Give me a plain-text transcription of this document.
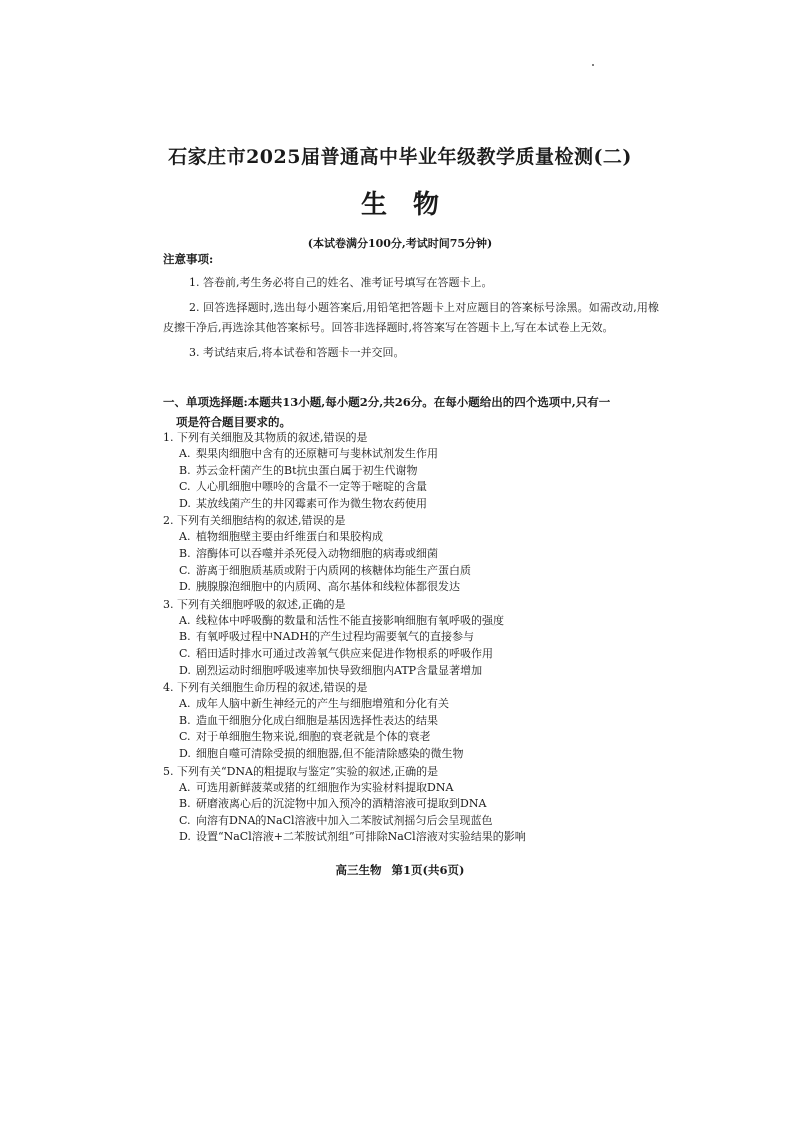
石家庄市2025届普通高中毕业年级教学质量检测(二)
生物
(本试卷满分100分,考试时间75分钟)
注意事项:

1. 答卷前,考生务必将自己的姓名、准考证号填写在答题卡上。

2. 回答选择题时,选出每小题答案后,用铅笔把答题卡上对应题目的答案标号涂黑。如需改动,用橡皮擦干净后,再选涂其他答案标号。回答非选择题时,将答案写在答题卡上,写在本试卷上无效。

3. 考试结束后,将本试卷和答题卡一并交回。

一、单项选择题:本题共13小题,每小题2分,共26分。在每小题给出的四个选项中,只有一
项是符合题目要求的。
1. 下列有关细胞及其物质的叙述,错误的是
A. 梨果肉细胞中含有的还原糖可与斐林试剂发生作用
B. 苏云金杆菌产生的Bt抗虫蛋白属于初生代谢物
C. 人心肌细胞中嘌呤的含量不一定等于嘧啶的含量
D. 某放线菌产生的井冈霉素可作为微生物农药使用
2. 下列有关细胞结构的叙述,错误的是
A. 植物细胞壁主要由纤维蛋白和果胶构成
B. 溶酶体可以吞噬并杀死侵入动物细胞的病毒或细菌
C. 游离于细胞质基质或附于内质网的核糖体均能生产蛋白质
D. 胰腺腺泡细胞中的内质网、高尔基体和线粒体都很发达
3. 下列有关细胞呼吸的叙述,正确的是
A. 线粒体中呼吸酶的数量和活性不能直接影响细胞有氧呼吸的强度
B. 有氧呼吸过程中NADH的产生过程均需要氧气的直接参与
C. 稻田适时排水可通过改善氧气供应来促进作物根系的呼吸作用
D. 剧烈运动时细胞呼吸速率加快导致细胞内ATP含量显著增加
4. 下列有关细胞生命历程的叙述,错误的是
A. 成年人脑中新生神经元的产生与细胞增殖和分化有关
B. 造血干细胞分化成白细胞是基因选择性表达的结果
C. 对于单细胞生物来说,细胞的衰老就是个体的衰老
D. 细胞自噬可清除受损的细胞器,但不能清除感染的微生物
5. 下列有关“DNA的粗提取与鉴定”实验的叙述,正确的是
A. 可选用新鲜菠菜或猪的红细胞作为实验材料提取DNA
B. 研磨液离心后的沉淀物中加入预冷的酒精溶液可提取到DNA
C. 向溶有DNA的NaCl溶液中加入二苯胺试剂摇匀后会呈现蓝色
D. 设置“NaCl溶液+二苯胺试剂组”可排除NaCl溶液对实验结果的影响
高三生物 第1页(共6页)
